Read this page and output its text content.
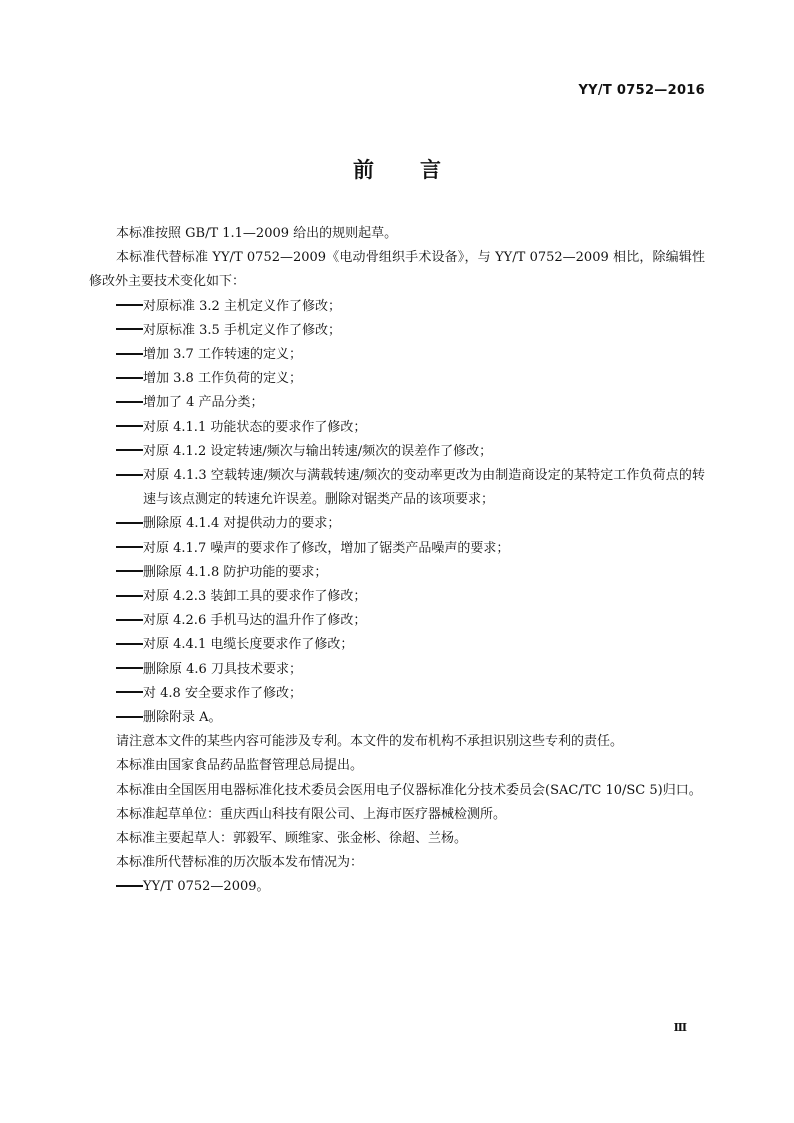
YY/T 0752—2016
前言

本标准按照 GB/T 1.1—2009 给出的规则起草。

本标准代替标准 YY/T 0752—2009《电动骨组织手术设备》，与 YY/T 0752—2009 相比，除编辑性修改外主要技术变化如下：

对原标准 3.2 主机定义作了修改；
对原标准 3.5 手机定义作了修改；
增加 3.7 工作转速的定义；
增加 3.8 工作负荷的定义；
增加了 4 产品分类；
对原 4.1.1 功能状态的要求作了修改；
对原 4.1.2 设定转速/频次与输出转速/频次的误差作了修改；
对原 4.1.3 空载转速/频次与满载转速/频次的变动率更改为由制造商设定的某特定工作负荷点的转速与该点测定的转速允许误差。删除对锯类产品的该项要求；
删除原 4.1.4 对提供动力的要求；
对原 4.1.7 噪声的要求作了修改，增加了锯类产品噪声的要求；
删除原 4.1.8 防护功能的要求；
对原 4.2.3 装卸工具的要求作了修改；
对原 4.2.6 手机马达的温升作了修改；
对原 4.4.1 电缆长度要求作了修改；
删除原 4.6 刀具技术要求；
对 4.8 安全要求作了修改；
删除附录 A。

请注意本文件的某些内容可能涉及专利。本文件的发布机构不承担识别这些专利的责任。

本标准由国家食品药品监督管理总局提出。

本标准由全国医用电器标准化技术委员会医用电子仪器标准化分技术委员会(SAC/TC 10/SC 5)归口。

本标准起草单位：重庆西山科技有限公司、上海市医疗器械检测所。

本标准主要起草人：郭毅军、顾维家、张金彬、徐超、兰杨。

本标准所代替标准的历次版本发布情况为：

YY/T 0752—2009。
Ⅲ
